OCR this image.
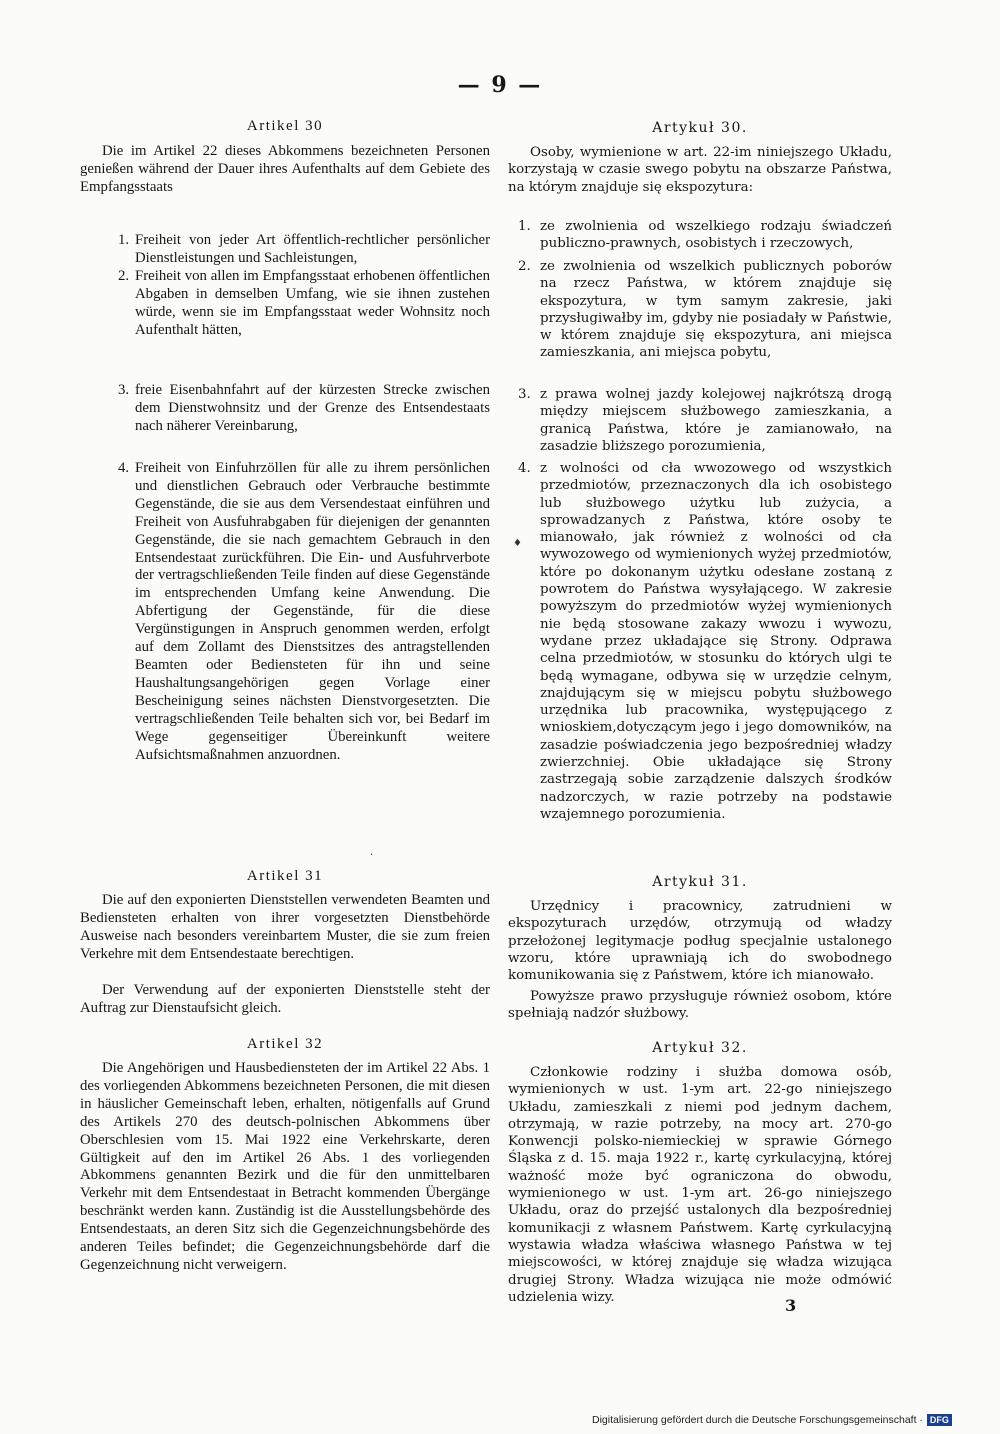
— 9 —
Artikel 30

Die im Artikel 22 dieses Abkommens bezeichneten Personen genießen während der Dauer ihres Aufenthalts auf dem Gebiete des Empfangsstaats

1. Freiheit von jeder Art öffentlich-rechtlicher persönlicher Dienstleistungen und Sachleistungen,
2. Freiheit von allen im Empfangsstaat erhobenen öffentlichen Abgaben in demselben Umfang, wie sie ihnen zustehen würde, wenn sie im Empfangsstaat weder Wohnsitz noch Aufenthalt hätten,
3. freie Eisenbahnfahrt auf der kürzesten Strecke zwischen dem Dienstwohnsitz und der Grenze des Entsendestaats nach näherer Vereinbarung,
4. Freiheit von Einfuhrzöllen für alle zu ihrem persönlichen und dienstlichen Gebrauch oder Verbrauche bestimmte Gegenstände, die sie aus dem Versendestaat einführen und Freiheit von Ausfuhrabgaben für diejenigen der genannten Gegenstände, die sie nach gemachtem Gebrauch in den Entsendestaat zurückführen. Die Ein- und Ausfuhrverbote der vertragschließenden Teile finden auf diese Gegenstände im entsprechenden Umfang keine Anwendung. Die Abfertigung der Gegenstände, für die diese Vergünstigungen in Anspruch genommen werden, erfolgt auf dem Zollamt des Dienstsitzes des antragstellenden Beamten oder Bediensteten für ihn und seine Haushaltungsangehörigen gegen Vorlage einer Bescheinigung seines nächsten Dienstvorgesetzten. Die vertragschließenden Teile behalten sich vor, bei Bedarf im Wege gegenseitiger Übereinkunft weitere Aufsichtsmaßnahmen anzuordnen.
Artikel 31

Die auf den exponierten Dienststellen verwendeten Beamten und Bediensteten erhalten von ihrer vorgesetzten Dienstbehörde Ausweise nach besonders vereinbartem Muster, die sie zum freien Verkehre mit dem Entsendestaate berechtigen.

Der Verwendung auf der exponierten Dienststelle steht der Auftrag zur Dienstaufsicht gleich.

Artikel 32

Die Angehörigen und Hausbediensteten der im Artikel 22 Abs. 1 des vorliegenden Abkommens bezeichneten Personen, die mit diesen in häuslicher Gemeinschaft leben, erhalten, nötigenfalls auf Grund des Artikels 270 des deutsch-polnischen Abkommens über Oberschlesien vom 15. Mai 1922 eine Verkehrskarte, deren Gültigkeit auf den im Artikel 26 Abs. 1 des vorliegenden Abkommens genannten Bezirk und die für den unmittelbaren Verkehr mit dem Entsendestaat in Betracht kommenden Übergänge beschränkt werden kann. Zuständig ist die Ausstellungsbehörde des Entsendestaats, an deren Sitz sich die Gegenzeichnungsbehörde des anderen Teiles befindet; die Gegenzeichnungsbehörde darf die Gegenzeichnung nicht verweigern.

Artykuł 30.

Osoby, wymienione w art. 22-im niniejszego Układu, korzystają w czasie swego pobytu na obszarze Państwa, na którym znajduje się ekspozytura:

1. ze zwolnienia od wszelkiego rodzaju świadczeń publiczno-prawnych, osobistych i rzeczowych,
2. ze zwolnienia od wszelkich publicznych poborów na rzecz Państwa, w którem znajduje się ekspozytura, w tym samym zakresie, jaki przysługiwałby im, gdyby nie posiadały w Państwie, w którem znajduje się ekspozytura, ani miejsca zamieszkania, ani miejsca pobytu,
3. z prawa wolnej jazdy kolejowej najkrótszą drogą między miejscem służbowego zamieszkania, a granicą Państwa, które je zamianowało, na zasadzie bliższego porozumienia,
4. z wolności od cła wwozowego od wszystkich przedmiotów, przeznaczonych dla ich osobistego lub służbowego użytku lub zużycia, a sprowadzanych z Państwa, które osoby te mianowało, jak również z wolności od cła wywozowego od wymienionych wyżej przedmiotów, które po dokonanym użytku odesłane zostaną z powrotem do Państwa wysyłającego. W zakresie powyższym do przedmiotów wyżej wymienionych nie będą stosowane zakazy wwozu i wywozu, wydane przez układające się Strony. Odprawa celna przedmiotów, w stosunku do których ulgi te będą wymagane, odbywa się w urzędzie celnym, znajdującym się w miejscu pobytu służbowego urzędnika lub pracownika, występującego z wnioskiem,dotyczącym jego i jego domowników, na zasadzie poświadczenia jego bezpośredniej władzy zwierzchniej. Obie układające się Strony zastrzegają sobie zarządzenie dalszych środków nadzorczych, w razie potrzeby na podstawie wzajemnego porozumienia.
Artykuł 31.

Urzędnicy i pracownicy, zatrudnieni w ekspozyturach urzędów, otrzymują od władzy przełożonej legitymacje podług specjalnie ustalonego wzoru, które uprawniają ich do swobodnego komunikowania się z Państwem, które ich mianowało.

Powyższe prawo przysługuje również osobom, które spełniają nadzór służbowy.

Artykuł 32.

Członkowie rodziny i służba domowa osób, wymienionych w ust. 1-ym art. 22-go niniejszego Układu, zamieszkali z niemi pod jednym dachem, otrzymają, w razie potrzeby, na mocy art. 270-go Konwencji polsko-niemieckiej w sprawie Górnego Śląska z d. 15. maja 1922 r., kartę cyrkulacyjną, której ważność może być ograniczona do obwodu, wymienionego w ust. 1-ym art. 26-go niniejszego Układu, oraz do przejść ustalonych dla bezpośredniej komunikacji z własnem Państwem. Kartę cyrkulacyjną wystawia władza właściwa własnego Państwa w tej miejscowości, w której znajduje się władza wizująca drugiej Strony. Władza wizująca nie może odmówić udzielenia wizy.

♦
·
3
Digitalisierung gefördert durch die Deutsche Forschungsgemeinschaft · DFG
